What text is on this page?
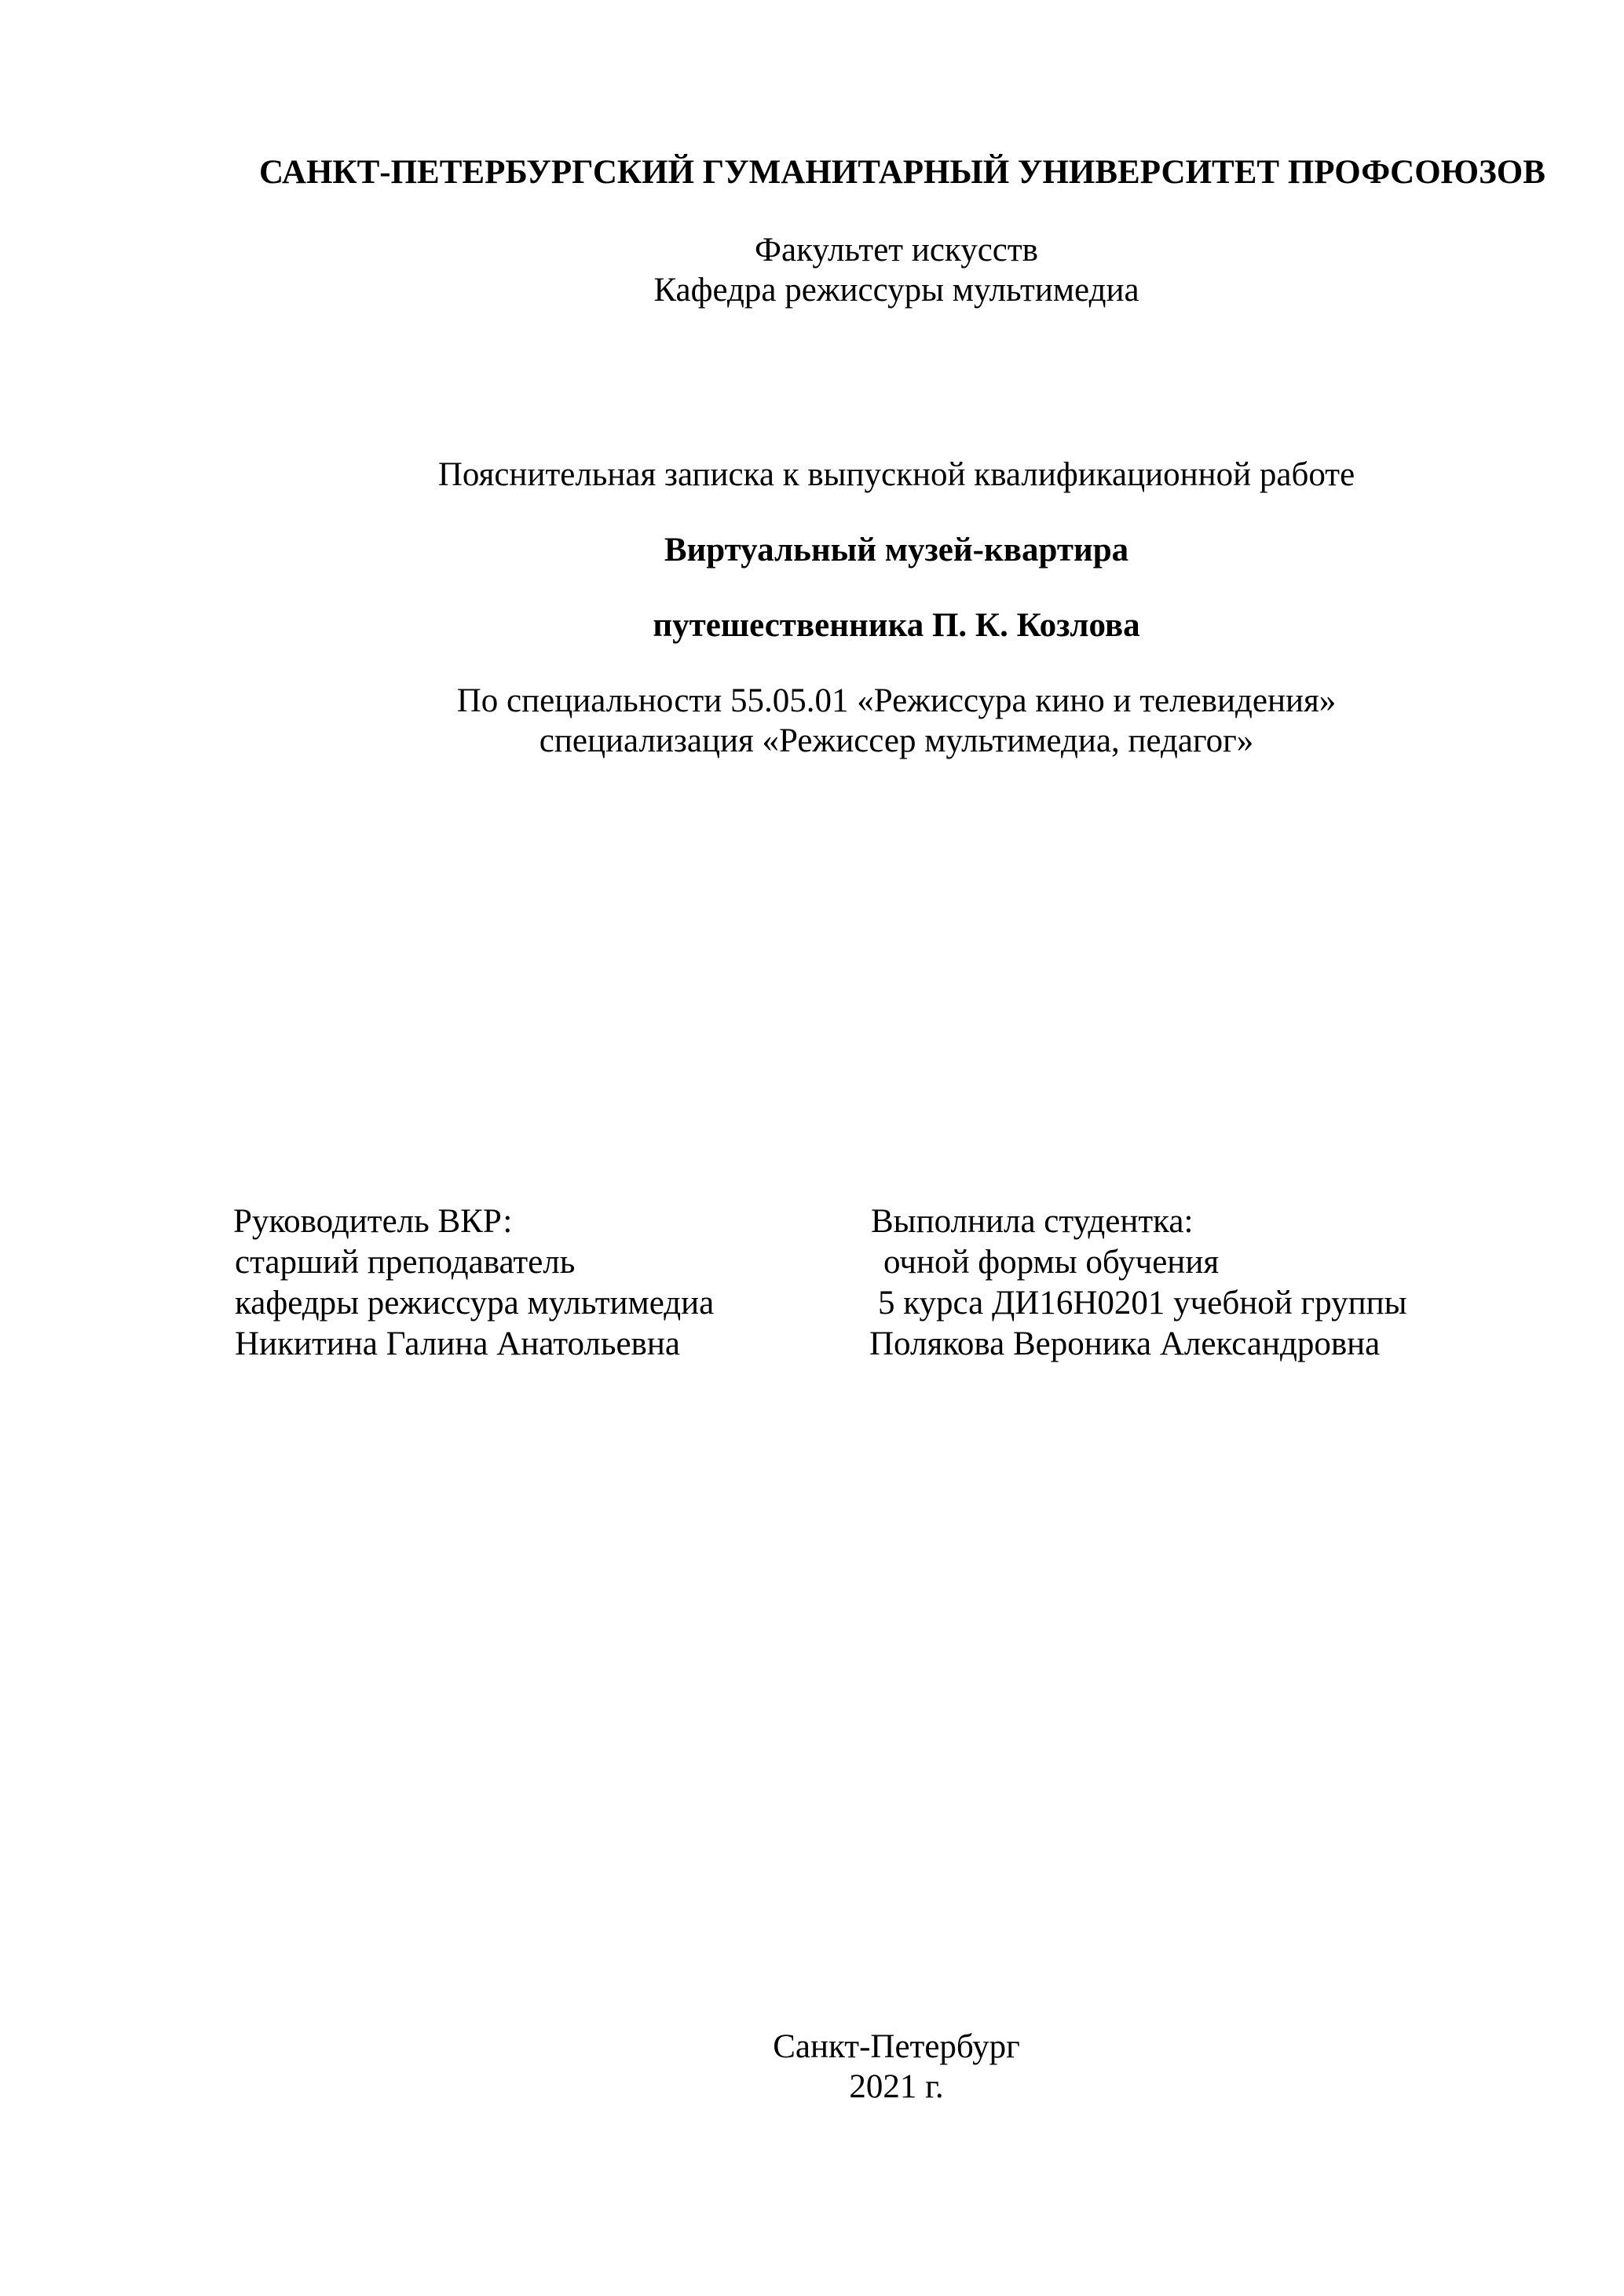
САНКТ-ПЕТЕРБУРГСКИЙ ГУМАНИТАРНЫЙ УНИВЕРСИТЕТ ПРОФСОЮЗОВ
Факультет искусств
Кафедра режиссуры мультимедиа
Пояснительная записка к выпускной квалификационной работе
Виртуальный музей-квартира
путешественника П. К. Козлова
По специальности 55.05.01 «Режиссура кино и телевидения»
специализация «Режиссер мультимедиа, педагог»
Руководитель ВКР:
старший преподаватель
кафедры режиссура мультимедиа
Никитина Галина Анатольевна
Выполнила студентка:
очной формы обучения
5 курса ДИ16Н0201 учебной группы
Полякова Вероника Александровна
Санкт-Петербург
2021 г.
